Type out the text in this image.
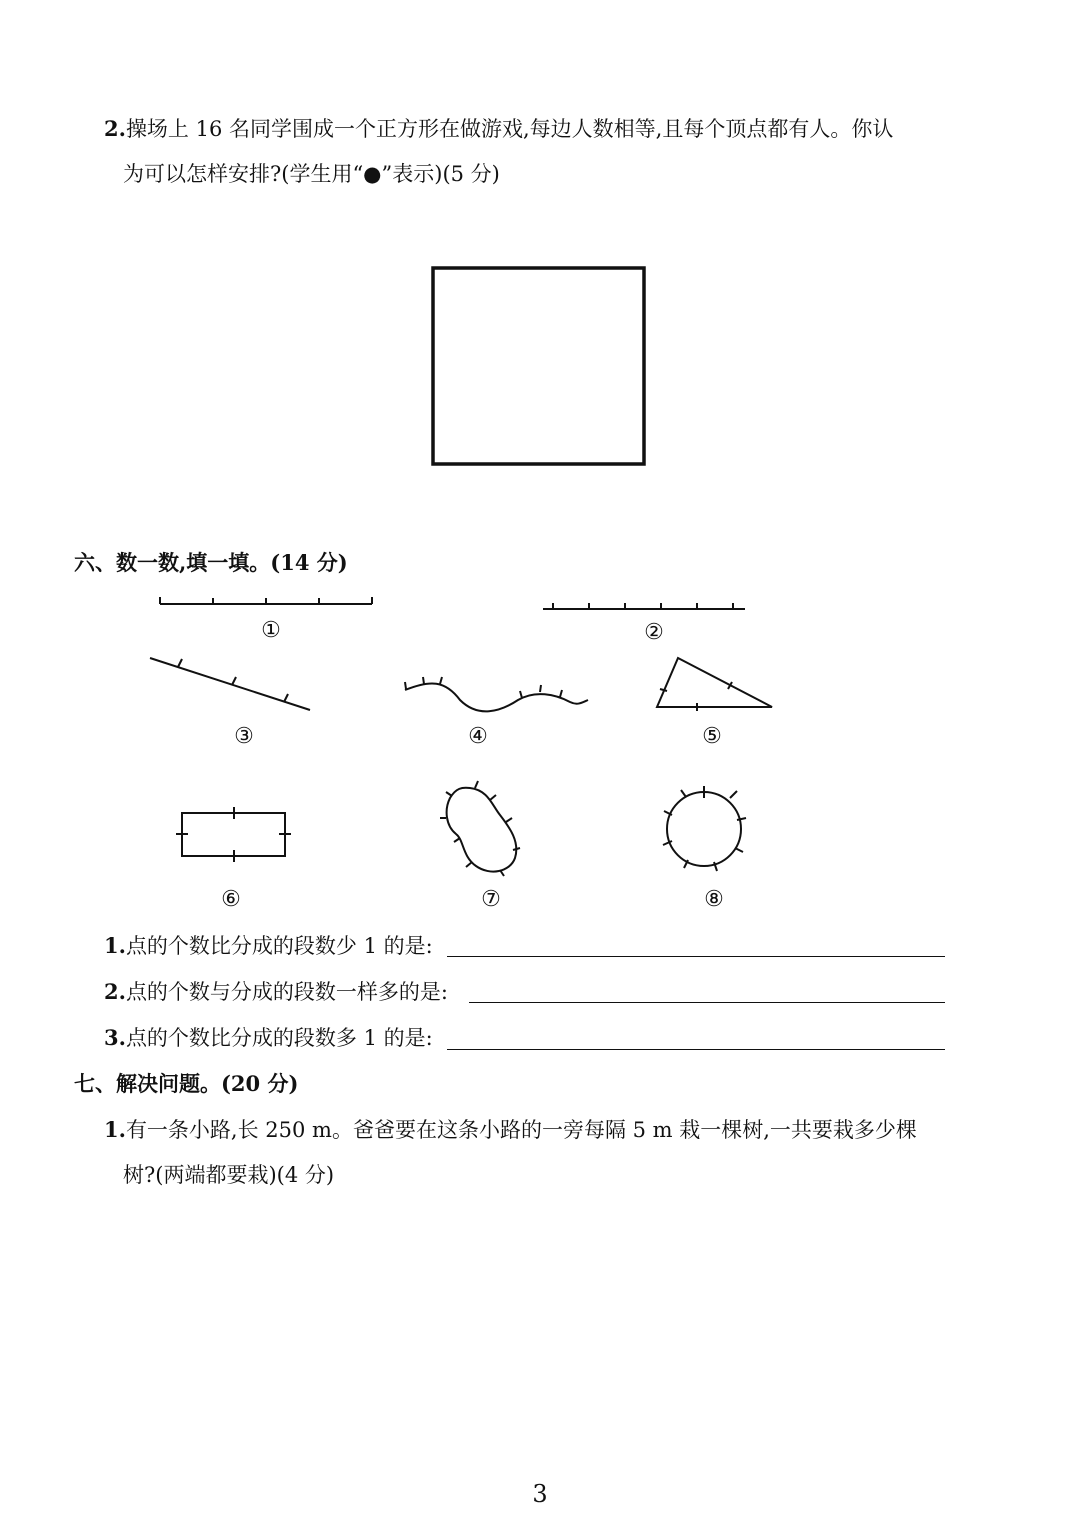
2.操场上 16 名同学围成一个正方形在做游戏,每边人数相等,且每个顶点都有人。你认
为可以怎样安排?(学生用“●”表示)(5 分)
六、数一数,填一填。(14 分)
①	②
③	④	⑤
⑥	⑦	⑧
1.点的个数比分成的段数少 1 的是:
2.点的个数与分成的段数一样多的是:
3.点的个数比分成的段数多 1 的是:
七、解决问题。(20 分)
1.有一条小路,长 250 m。爸爸要在这条小路的一旁每隔 5 m 栽一棵树,一共要栽多少棵
树?(两端都要栽)(4 分)
3
